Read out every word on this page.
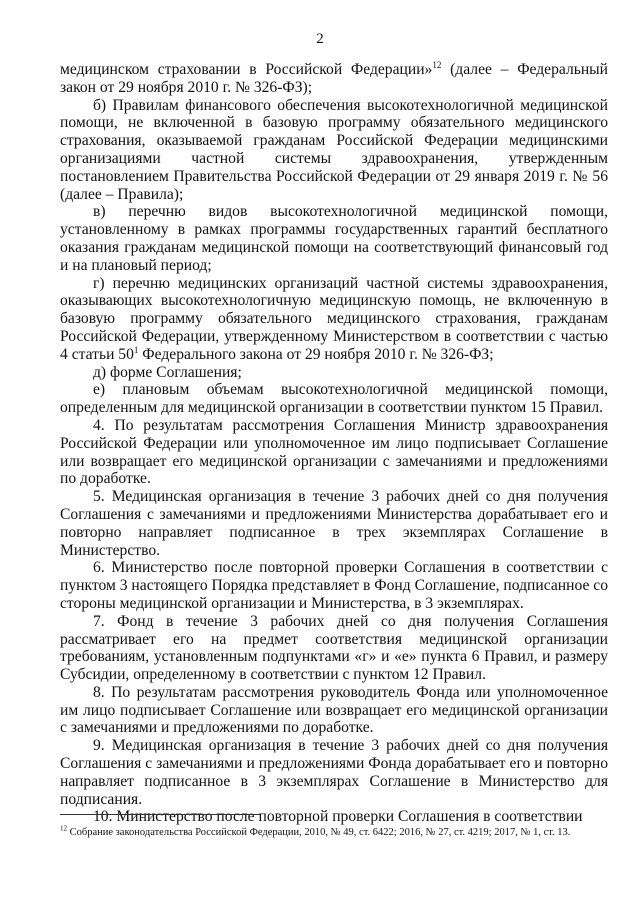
2

медицинском страховании в Российской Федерации»$^{12}$ (далее – Федеральный закон от 29 ноября 2010 г. № 326-ФЗ);

б) Правилам финансового обеспечения высокотехнологичной медицинской помощи, не включенной в базовую программу обязательного медицинского страхования, оказываемой гражданам Российской Федерации медицинскими организациями частной системы здравоохранения, утвержденным постановлением Правительства Российской Федерации от 29 января 2019 г. № 56 (далее – Правила);

в) перечню видов высокотехнологичной медицинской помощи, установленному в рамках программы государственных гарантий бесплатного оказания гражданам медицинской помощи на соответствующий финансовый год и на плановый период;

г) перечню медицинских организаций частной системы здравоохранения, оказывающих высокотехнологичную медицинскую помощь, не включенную в базовую программу обязательного медицинского страхования, гражданам Российской Федерации, утвержденному Министерством в соответствии с частью 4 статьи $50^1$ Федерального закона от 29 ноября 2010 г. № 326-ФЗ;

д) форме Соглашения;

е) плановым объемам высокотехнологичной медицинской помощи, определенным для медицинской организации в соответствии пунктом 15 Правил.

4. По результатам рассмотрения Соглашения Министр здравоохранения Российской Федерации или уполномоченное им лицо подписывает Соглашение или возвращает его медицинской организации с замечаниями и предложениями по доработке.

5. Медицинская организация в течение 3 рабочих дней со дня получения Соглашения с замечаниями и предложениями Министерства дорабатывает его и повторно направляет подписанное в трех экземплярах Соглашение в Министерство.

6. Министерство после повторной проверки Соглашения в соответствии с пунктом 3 настоящего Порядка представляет в Фонд Соглашение, подписанное со стороны медицинской организации и Министерства, в 3 экземплярах.

7. Фонд в течение 3 рабочих дней со дня получения Соглашения рассматривает его на предмет соответствия медицинской организации требованиям, установленным подпунктами «г» и «е» пункта 6 Правил, и размеру Субсидии, определенному в соответствии с пунктом 12 Правил.

8. По результатам рассмотрения руководитель Фонда или уполномоченное им лицо подписывает Соглашение или возвращает его медицинской организации с замечаниями и предложениями по доработке.

9. Медицинская организация в течение 3 рабочих дней со дня получения Соглашения с замечаниями и предложениями Фонда дорабатывает его и повторно направляет подписанное в 3 экземплярах Соглашение в Министерство для подписания.

10. Министерство после повторной проверки Соглашения в соответствии

$^{12}$ Собрание законодательства Российской Федерации, 2010, № 49, ст. 6422; 2016, № 27, ст. 4219; 2017, № 1, ст. 13.
